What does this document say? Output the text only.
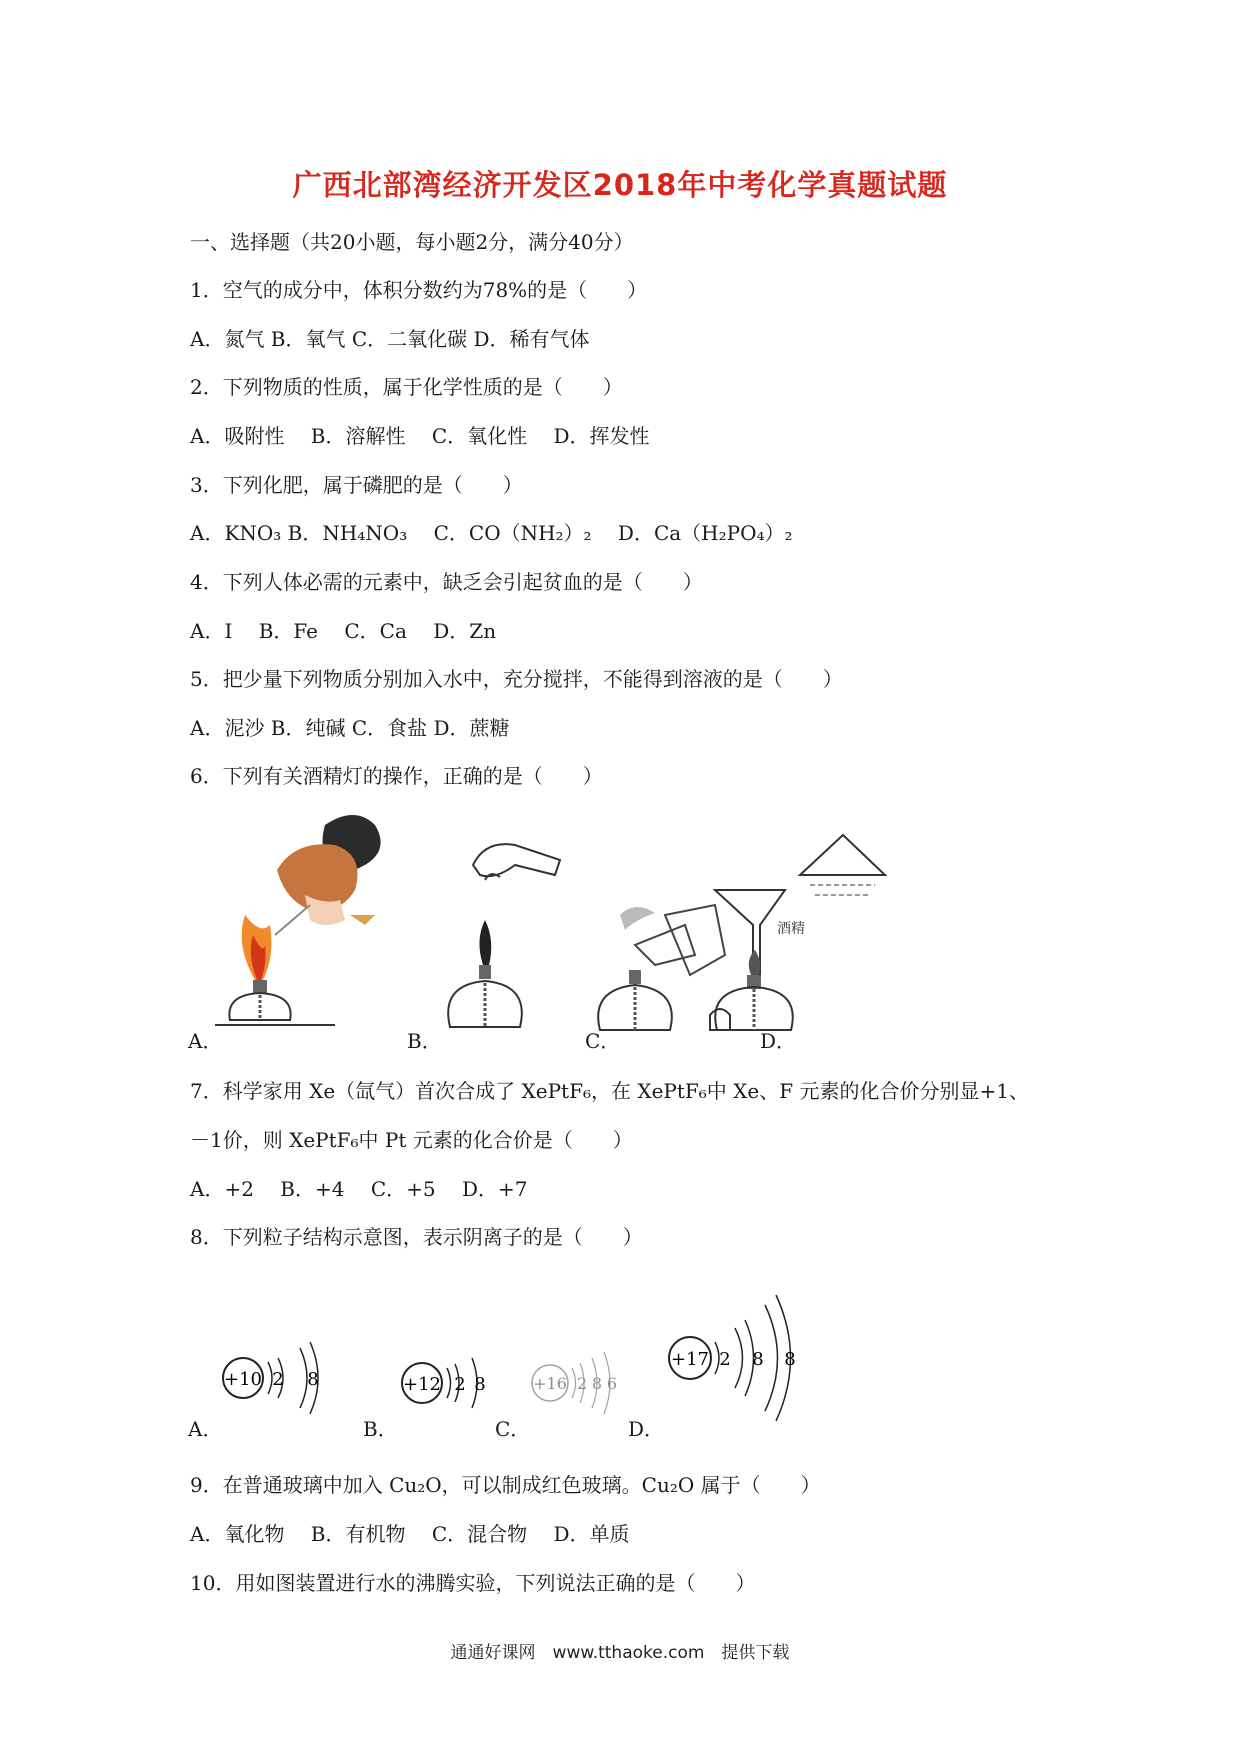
广西北部湾经济开发区2018年中考化学真题试题
一、选择题（共20小题，每小题2分，满分40分）
1．空气的成分中，体积分数约为78%的是（　　）
A．氮气 B．氧气 C．二氧化碳 D．稀有气体
2．下列物质的性质，属于化学性质的是（　　）
A．吸附性　 B．溶解性　 C．氧化性　 D．挥发性
3．下列化肥，属于磷肥的是（　　）
A．KNO₃ B．NH₄NO₃　 C．CO（NH₂）₂　 D．Ca（H₂PO₄）₂
4．下列人体必需的元素中，缺乏会引起贫血的是（　　）
A．I　 B．Fe　 C．Ca　 D．Zn
5．把少量下列物质分别加入水中，充分搅拌，不能得到溶液的是（　　）
A．泥沙 B．纯碱 C．食盐 D．蔗糖
6．下列有关酒精灯的操作，正确的是（　　）
A．	B．	C．	D．
酒精
7．科学家用 Xe（氙气）首次合成了 XePtF₆，在 XePtF₆中 Xe、F 元素的化合价分别显+1、
－1价，则 XePtF₆中 Pt 元素的化合价是（　　）
A．+2　 B．+4　 C．+5　 D．+7
8．下列粒子结构示意图，表示阴离子的是（　　）
A．	B．	C．	D．
+10 2 8	+12 2 8	+16 2 8 6
+17 2 8 8
9．在普通玻璃中加入 Cu₂O，可以制成红色玻璃。Cu₂O 属于（　　）
A．氧化物　 B．有机物　 C．混合物　 D．单质
10．用如图装置进行水的沸腾实验，下列说法正确的是（　　）
通通好课网　www.tthaoke.com　提供下载
